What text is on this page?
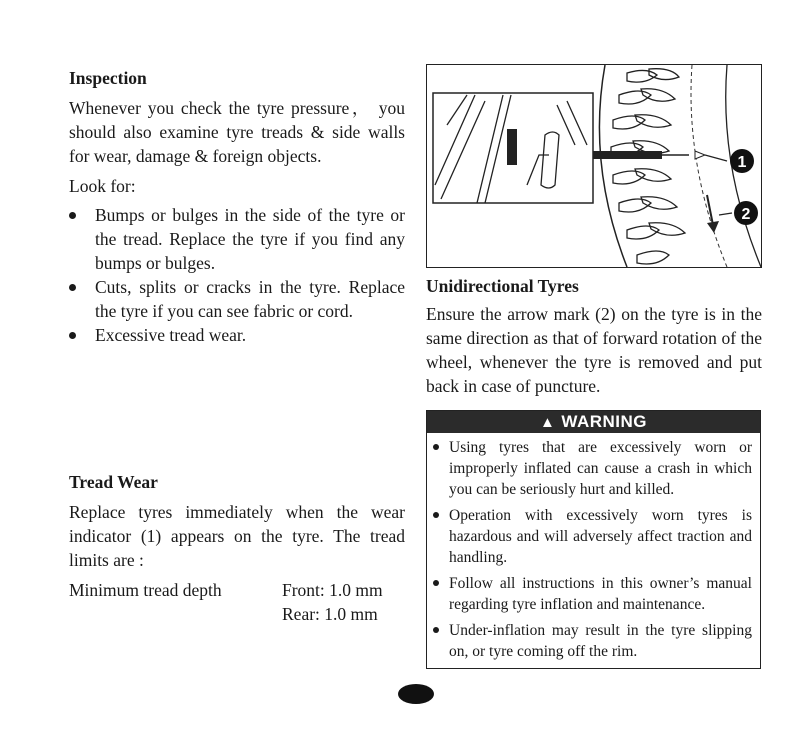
Inspection

Whenever you check the tyre pressure， you should also examine tyre treads & side walls for wear, damage & foreign objects.

Look for:

Bumps or bulges in the side of the tyre or the tread. Replace the tyre if you find any bumps or bulges.
Cuts, splits or cracks in the tyre. Replace the tyre if you can see fabric or cord.
Excessive tread wear.
Tread Wear

Replace tyres immediately when the wear indicator (1) appears on the tyre. The tread limits are :

Minimum tread depth	Front: 1.0 mm
Rear: 1.0 mm
1
2
Unidirectional Tyres

Ensure the arrow mark (2) on the tyre is in the same direction as that of forward rotation of the wheel, whenever the tyre is removed and put back in case of puncture.

▲ WARNING
Using tyres that are excessively worn or improperly inflated can cause a crash in which you can be seriously hurt and killed.
Operation with excessively worn tyres is hazardous and will adversely affect traction and handling.
Follow all instructions in this owner’s manual regarding tyre inflation and maintenance.
Under-inflation may result in the tyre slipping on, or tyre coming off the rim.
